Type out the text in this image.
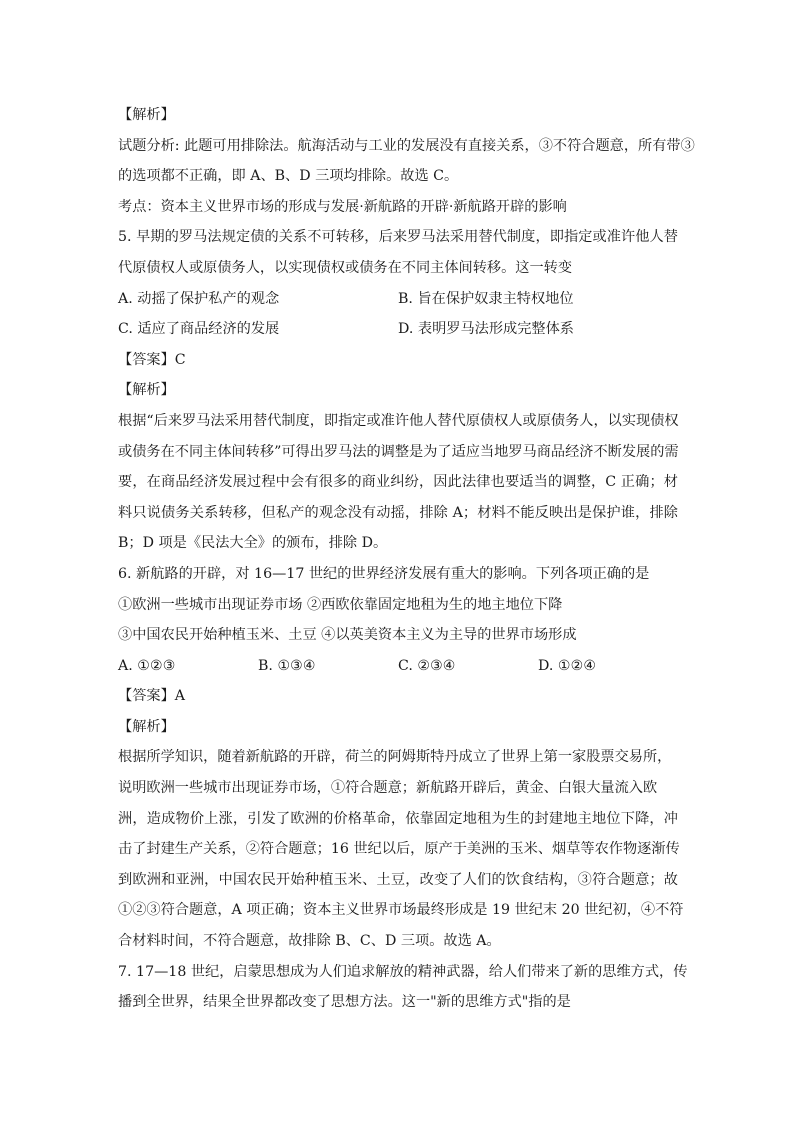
【解析】
试题分析: 此题可用排除法。航海活动与工业的发展没有直接关系，③不符合题意，所有带③
的选项都不正确，即 A、B、D 三项均排除。故选 C。
考点：资本主义世界市场的形成与发展·新航路的开辟·新航路开辟的影响
5. 早期的罗马法规定债的关系不可转移，后来罗马法采用替代制度，即指定或准许他人替
代原债权人或原债务人，以实现债权或债务在不同主体间转移。这一转变
A. 动摇了保护私产的观念	B. 旨在保护奴隶主特权地位
C. 适应了商品经济的发展	D. 表明罗马法形成完整体系
【答案】C
【解析】
根据“后来罗马法采用替代制度，即指定或准许他人替代原债权人或原债务人，以实现债权
或债务在不同主体间转移”可得出罗马法的调整是为了适应当地罗马商品经济不断发展的需
要，在商品经济发展过程中会有很多的商业纠纷，因此法律也要适当的调整，C 正确；材
料只说债务关系转移，但私产的观念没有动摇，排除 A；材料不能反映出是保护谁，排除
B；D 项是《民法大全》的颁布，排除 D。
6. 新航路的开辟，对 16—17 世纪的世界经济发展有重大的影响。下列各项正确的是
①欧洲一些城市出现证券市场 ②西欧依靠固定地租为生的地主地位下降
③中国农民开始种植玉米、土豆 ④以英美资本主义为主导的世界市场形成
A. ①②③	B. ①③④	C. ②③④	D. ①②④
【答案】A
【解析】
根据所学知识，随着新航路的开辟，荷兰的阿姆斯特丹成立了世界上第一家股票交易所，
说明欧洲一些城市出现证券市场，①符合题意；新航路开辟后，黄金、白银大量流入欧
洲，造成物价上涨，引发了欧洲的价格革命，依靠固定地租为生的封建地主地位下降，冲
击了封建生产关系，②符合题意；16 世纪以后，原产于美洲的玉米、烟草等农作物逐渐传
到欧洲和亚洲，中国农民开始种植玉米、土豆，改变了人们的饮食结构，③符合题意；故
①②③符合题意，A 项正确；资本主义世界市场最终形成是 19 世纪末 20 世纪初，④不符
合材料时间，不符合题意，故排除 B、C、D 三项。故选 A。
7. 17—18 世纪，启蒙思想成为人们追求解放的精神武器，给人们带来了新的思维方式，传
播到全世界，结果全世界都改变了思想方法。这一"新的思维方式"指的是
